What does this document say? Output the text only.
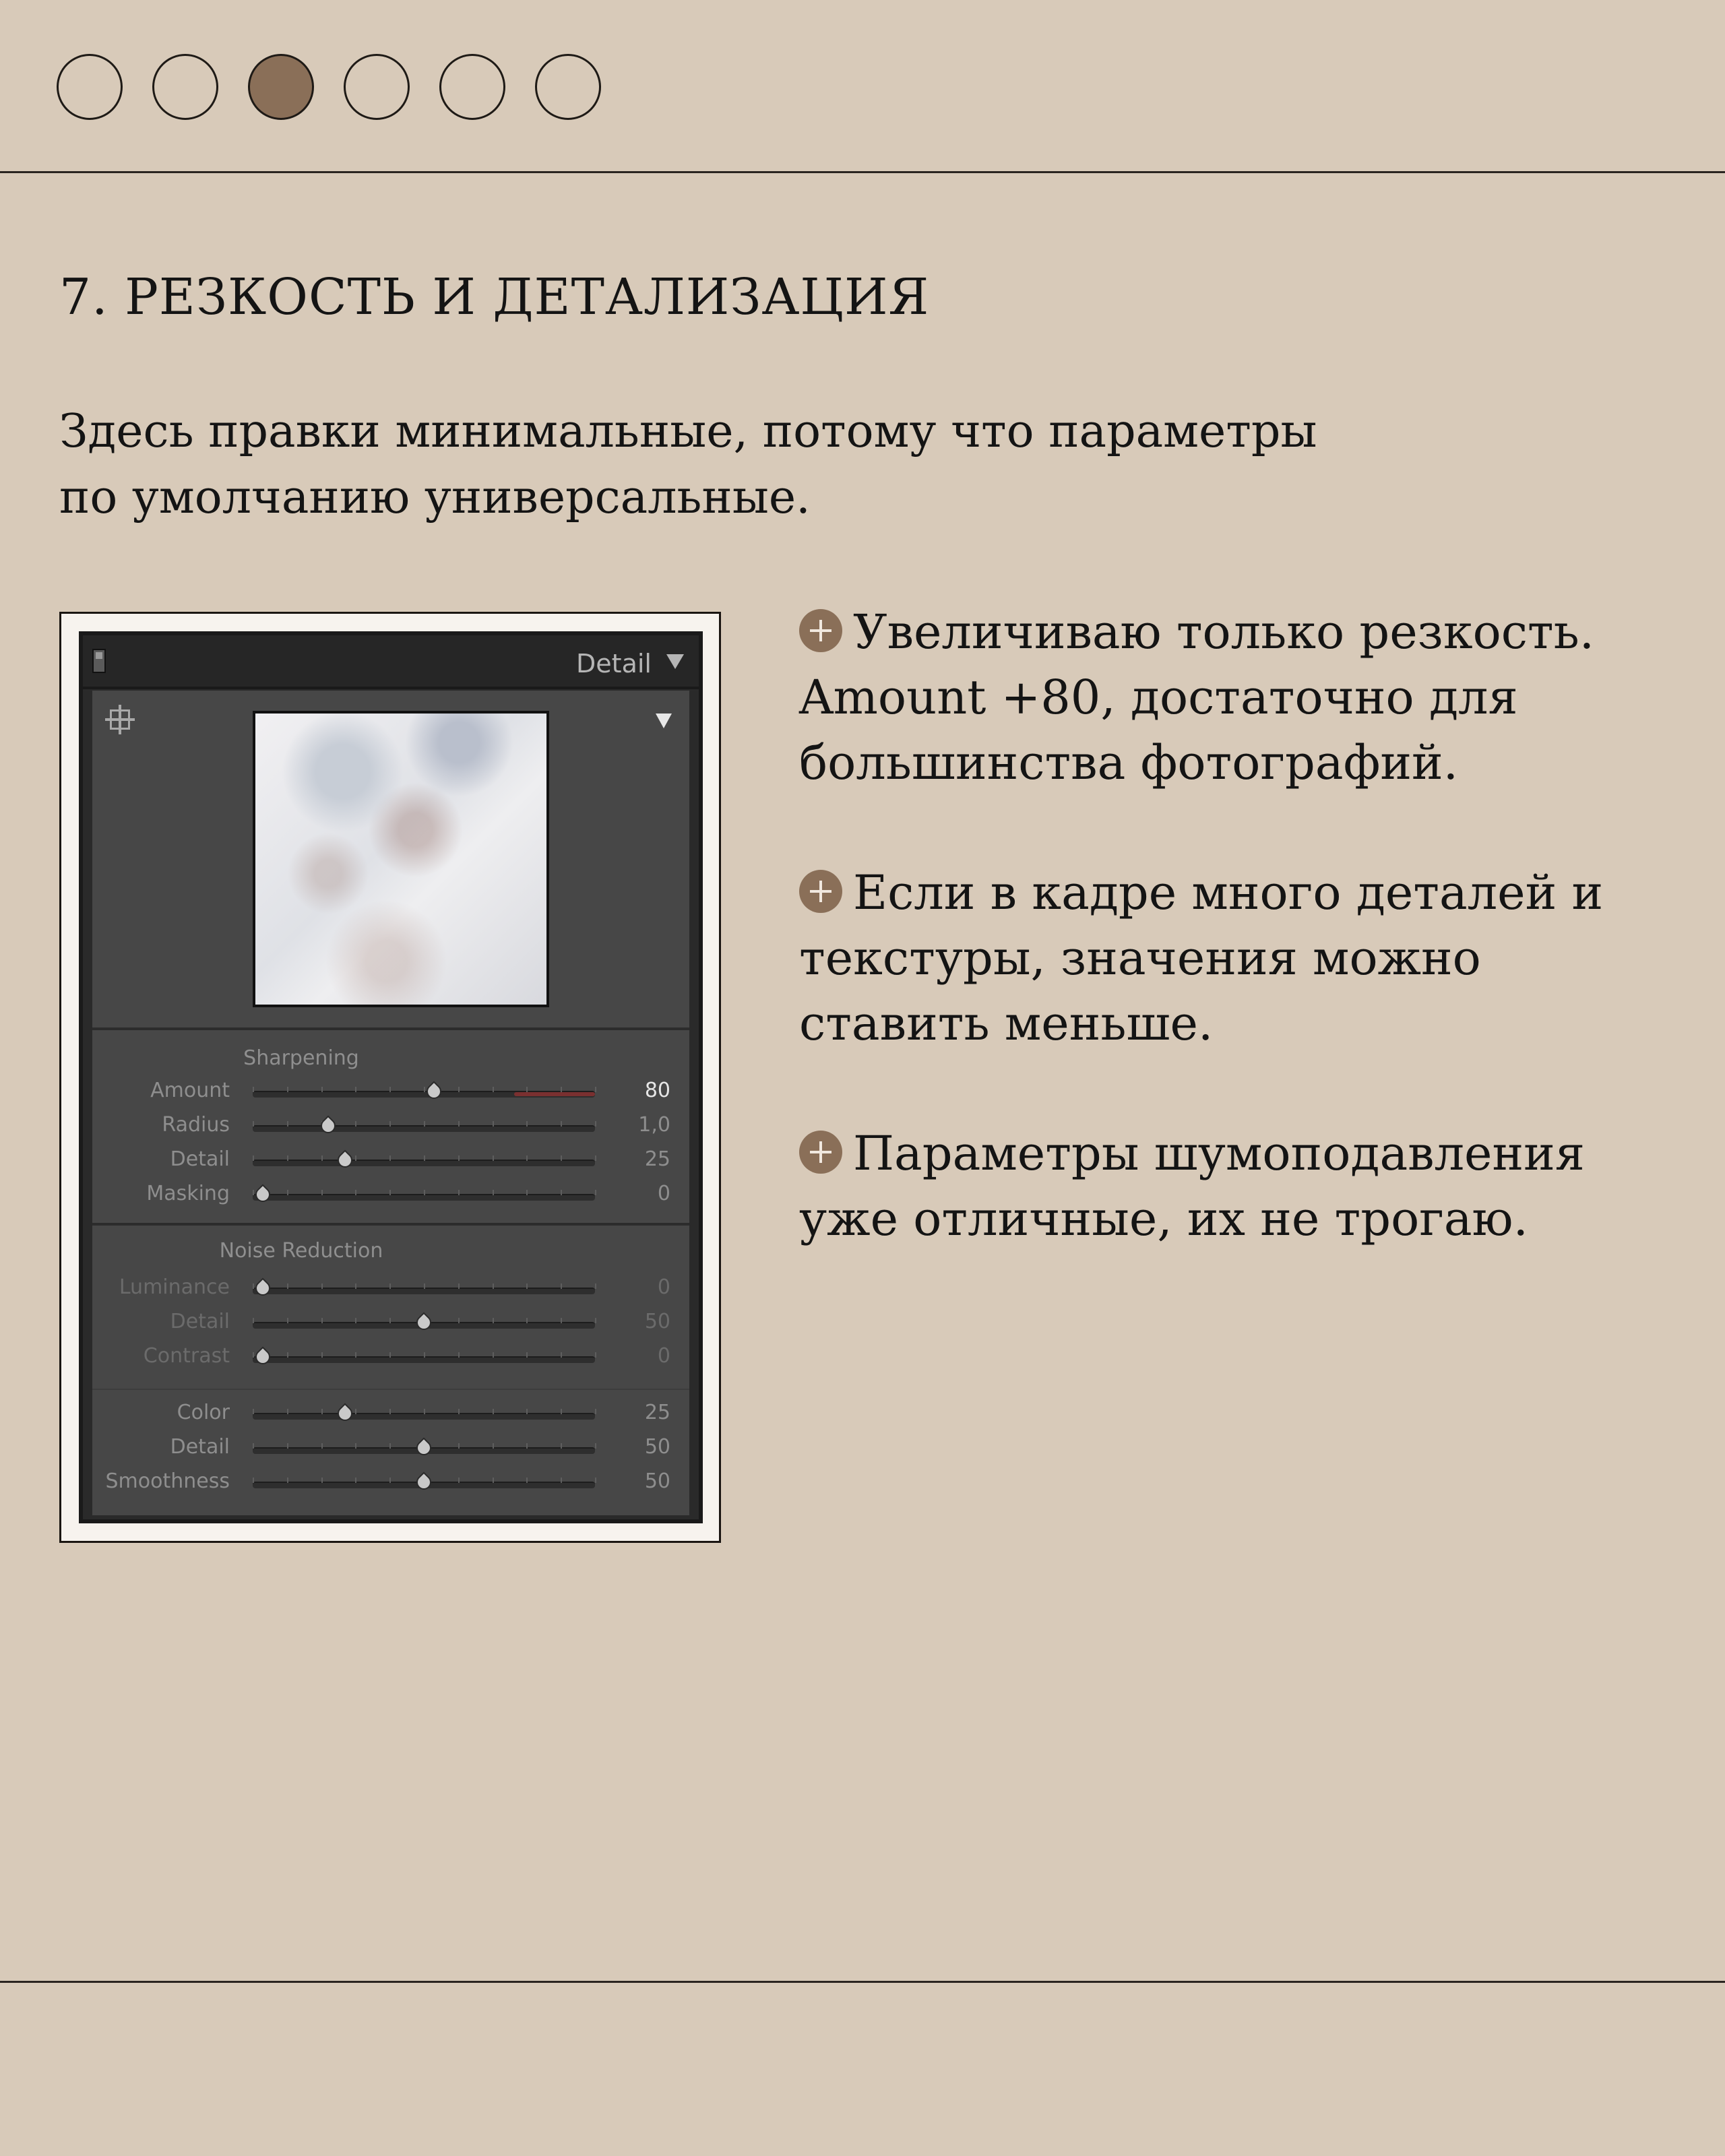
7. РЕЗКОСТЬ И ДЕТАЛИЗАЦИЯ
Здесь правки минимальные, потому что параметры по умолчанию универсальные.
Detail
Sharpening
Amount	80
Radius	1,0
Detail	25
Masking	0
Noise Reduction
Luminance	0
Detail	50
Contrast	0
Color	25
Detail	50
Smoothness	50
Увеличиваю только резкость. Amount +80, достаточно для большинства фотографий.
Если в кадре много деталей и текстуры, значения можно ставить меньше.
Параметры шумоподавления уже отличные, их не трогаю.
